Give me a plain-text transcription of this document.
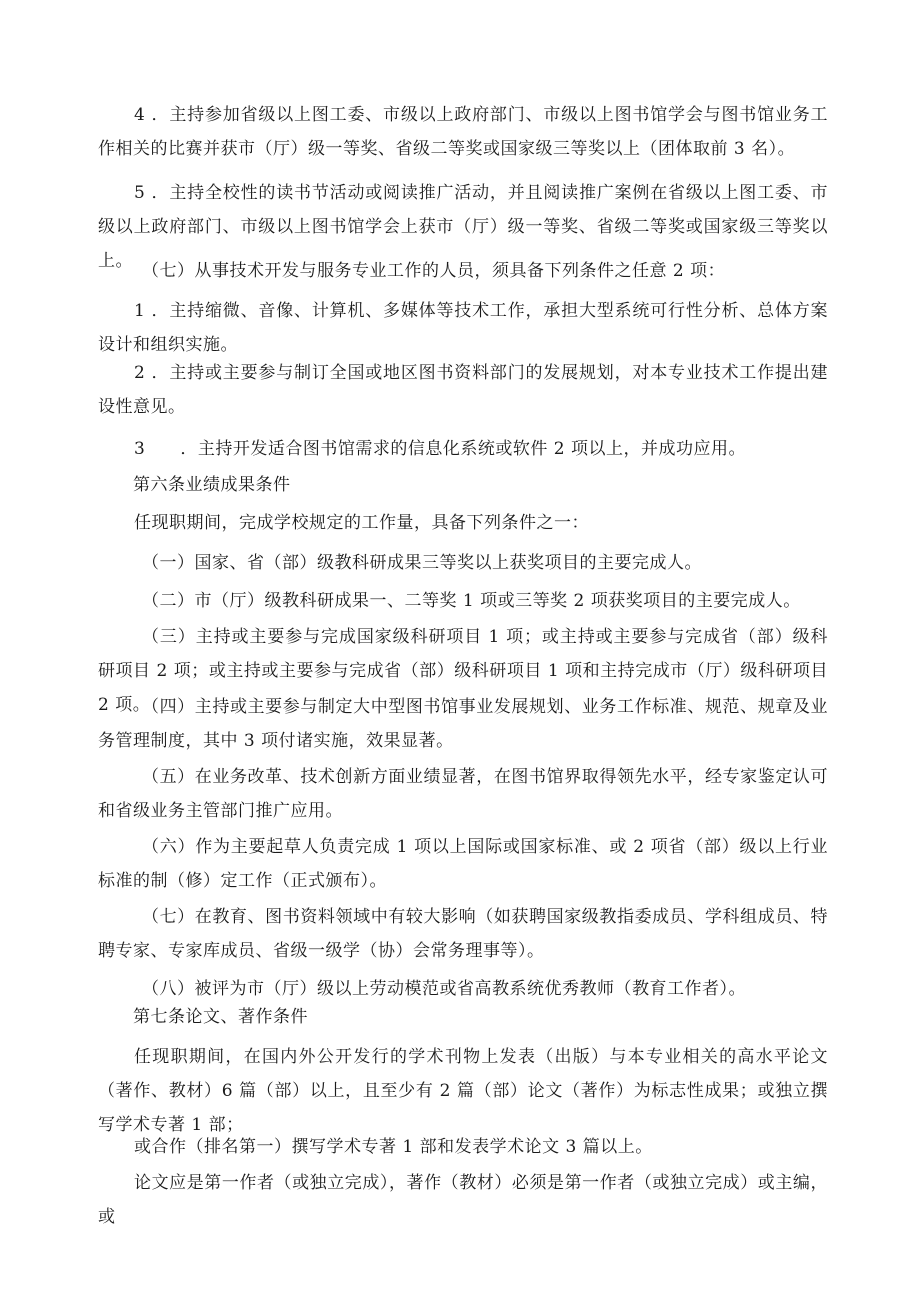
4 ．主持参加省级以上图工委、市级以上政府部门、市级以上图书馆学会与图书馆业务工作相关的比赛并获市（厅）级一等奖、省级二等奖或国家级三等奖以上（团体取前 3 名）。

5 ．主持全校性的读书节活动或阅读推广活动，并且阅读推广案例在省级以上图工委、市级以上政府部门、市级以上图书馆学会上获市（厅）级一等奖、省级二等奖或国家级三等奖以上。 （七）从事技术开发与服务专业工作的人员，须具备下列条件之任意 2 项：

1 ．主持缩微、音像、计算机、多媒体等技术工作，承担大型系统可行性分析、总体方案设计和组织实施。

2 ．主持或主要参与制订全国或地区图书资料部门的发展规划，对本专业技术工作提出建设性意见。

3　　．主持开发适合图书馆需求的信息化系统或软件 2 项以上，并成功应用。

第六条业绩成果条件

任现职期间，完成学校规定的工作量，具备下列条件之一：

（一）国家、省（部）级教科研成果三等奖以上获奖项目的主要完成人。

（二）市（厅）级教科研成果一、二等奖 1 项或三等奖 2 项获奖项目的主要完成人。

（三）主持或主要参与完成国家级科研项目 1 项；或主持或主要参与完成省（部）级科研项目 2 项；或主持或主要参与完成省（部）级科研项目 1 项和主持完成市（厅）级科研项目 2 项。

（四）主持或主要参与制定大中型图书馆事业发展规划、业务工作标准、规范、规章及业务管理制度，其中 3 项付诸实施，效果显著。

（五）在业务改革、技术创新方面业绩显著，在图书馆界取得领先水平，经专家鉴定认可和省级业务主管部门推广应用。

（六）作为主要起草人负责完成 1 项以上国际或国家标准、或 2 项省（部）级以上行业标准的制（修）定工作（正式颁布）。

（七）在教育、图书资料领域中有较大影响（如获聘国家级教指委成员、学科组成员、特聘专家、专家库成员、省级一级学（协）会常务理事等）。

（八）被评为市（厅）级以上劳动模范或省高教系统优秀教师（教育工作者）。

第七条论文、著作条件

任现职期间，在国内外公开发行的学术刊物上发表（出版）与本专业相关的高水平论文（著作、教材）6 篇（部）以上，且至少有 2 篇（部）论文（著作）为标志性成果；或独立撰写学术专著 1 部；

或合作（排名第一）撰写学术专著 1 部和发表学术论文 3 篇以上。

论文应是第一作者（或独立完成），著作（教材）必须是第一作者（或独立完成）或主编，或
